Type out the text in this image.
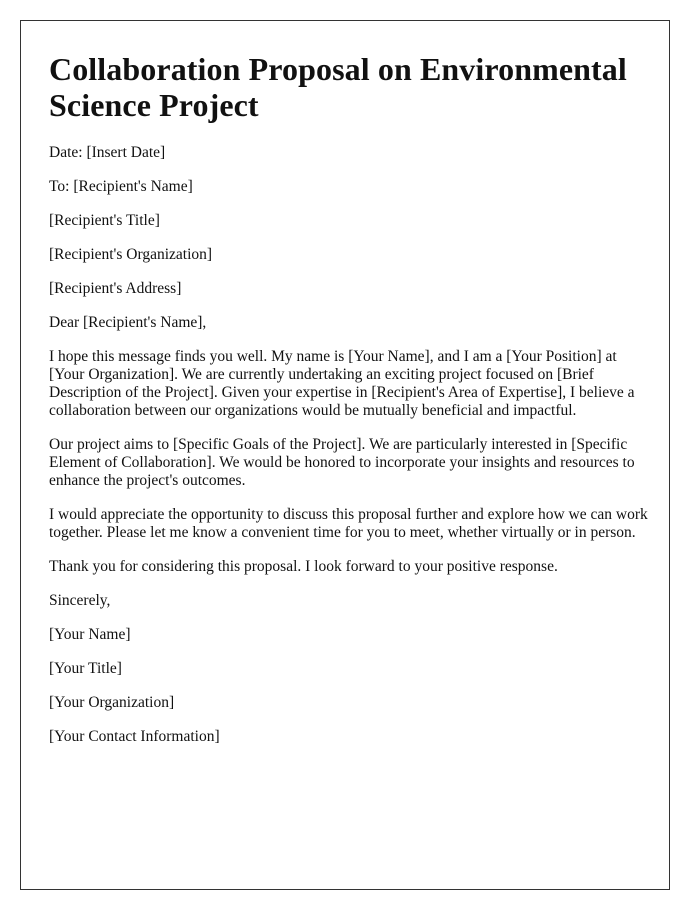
Collaboration Proposal on Environmental Science Project

Date: [Insert Date]

To: [Recipient's Name]

[Recipient's Title]

[Recipient's Organization]

[Recipient's Address]

Dear [Recipient's Name],

I hope this message finds you well. My name is [Your Name], and I am a [Your Position] at [Your Organization]. We are currently undertaking an exciting project focused on [Brief Description of the Project]. Given your expertise in [Recipient's Area of Expertise], I believe a collaboration between our organizations would be mutually beneficial and impactful.

Our project aims to [Specific Goals of the Project]. We are particularly interested in [Specific Element of Collaboration]. We would be honored to incorporate your insights and resources to enhance the project's outcomes.

I would appreciate the opportunity to discuss this proposal further and explore how we can work together. Please let me know a convenient time for you to meet, whether virtually or in person.

Thank you for considering this proposal. I look forward to your positive response.

Sincerely,

[Your Name]

[Your Title]

[Your Organization]

[Your Contact Information]
